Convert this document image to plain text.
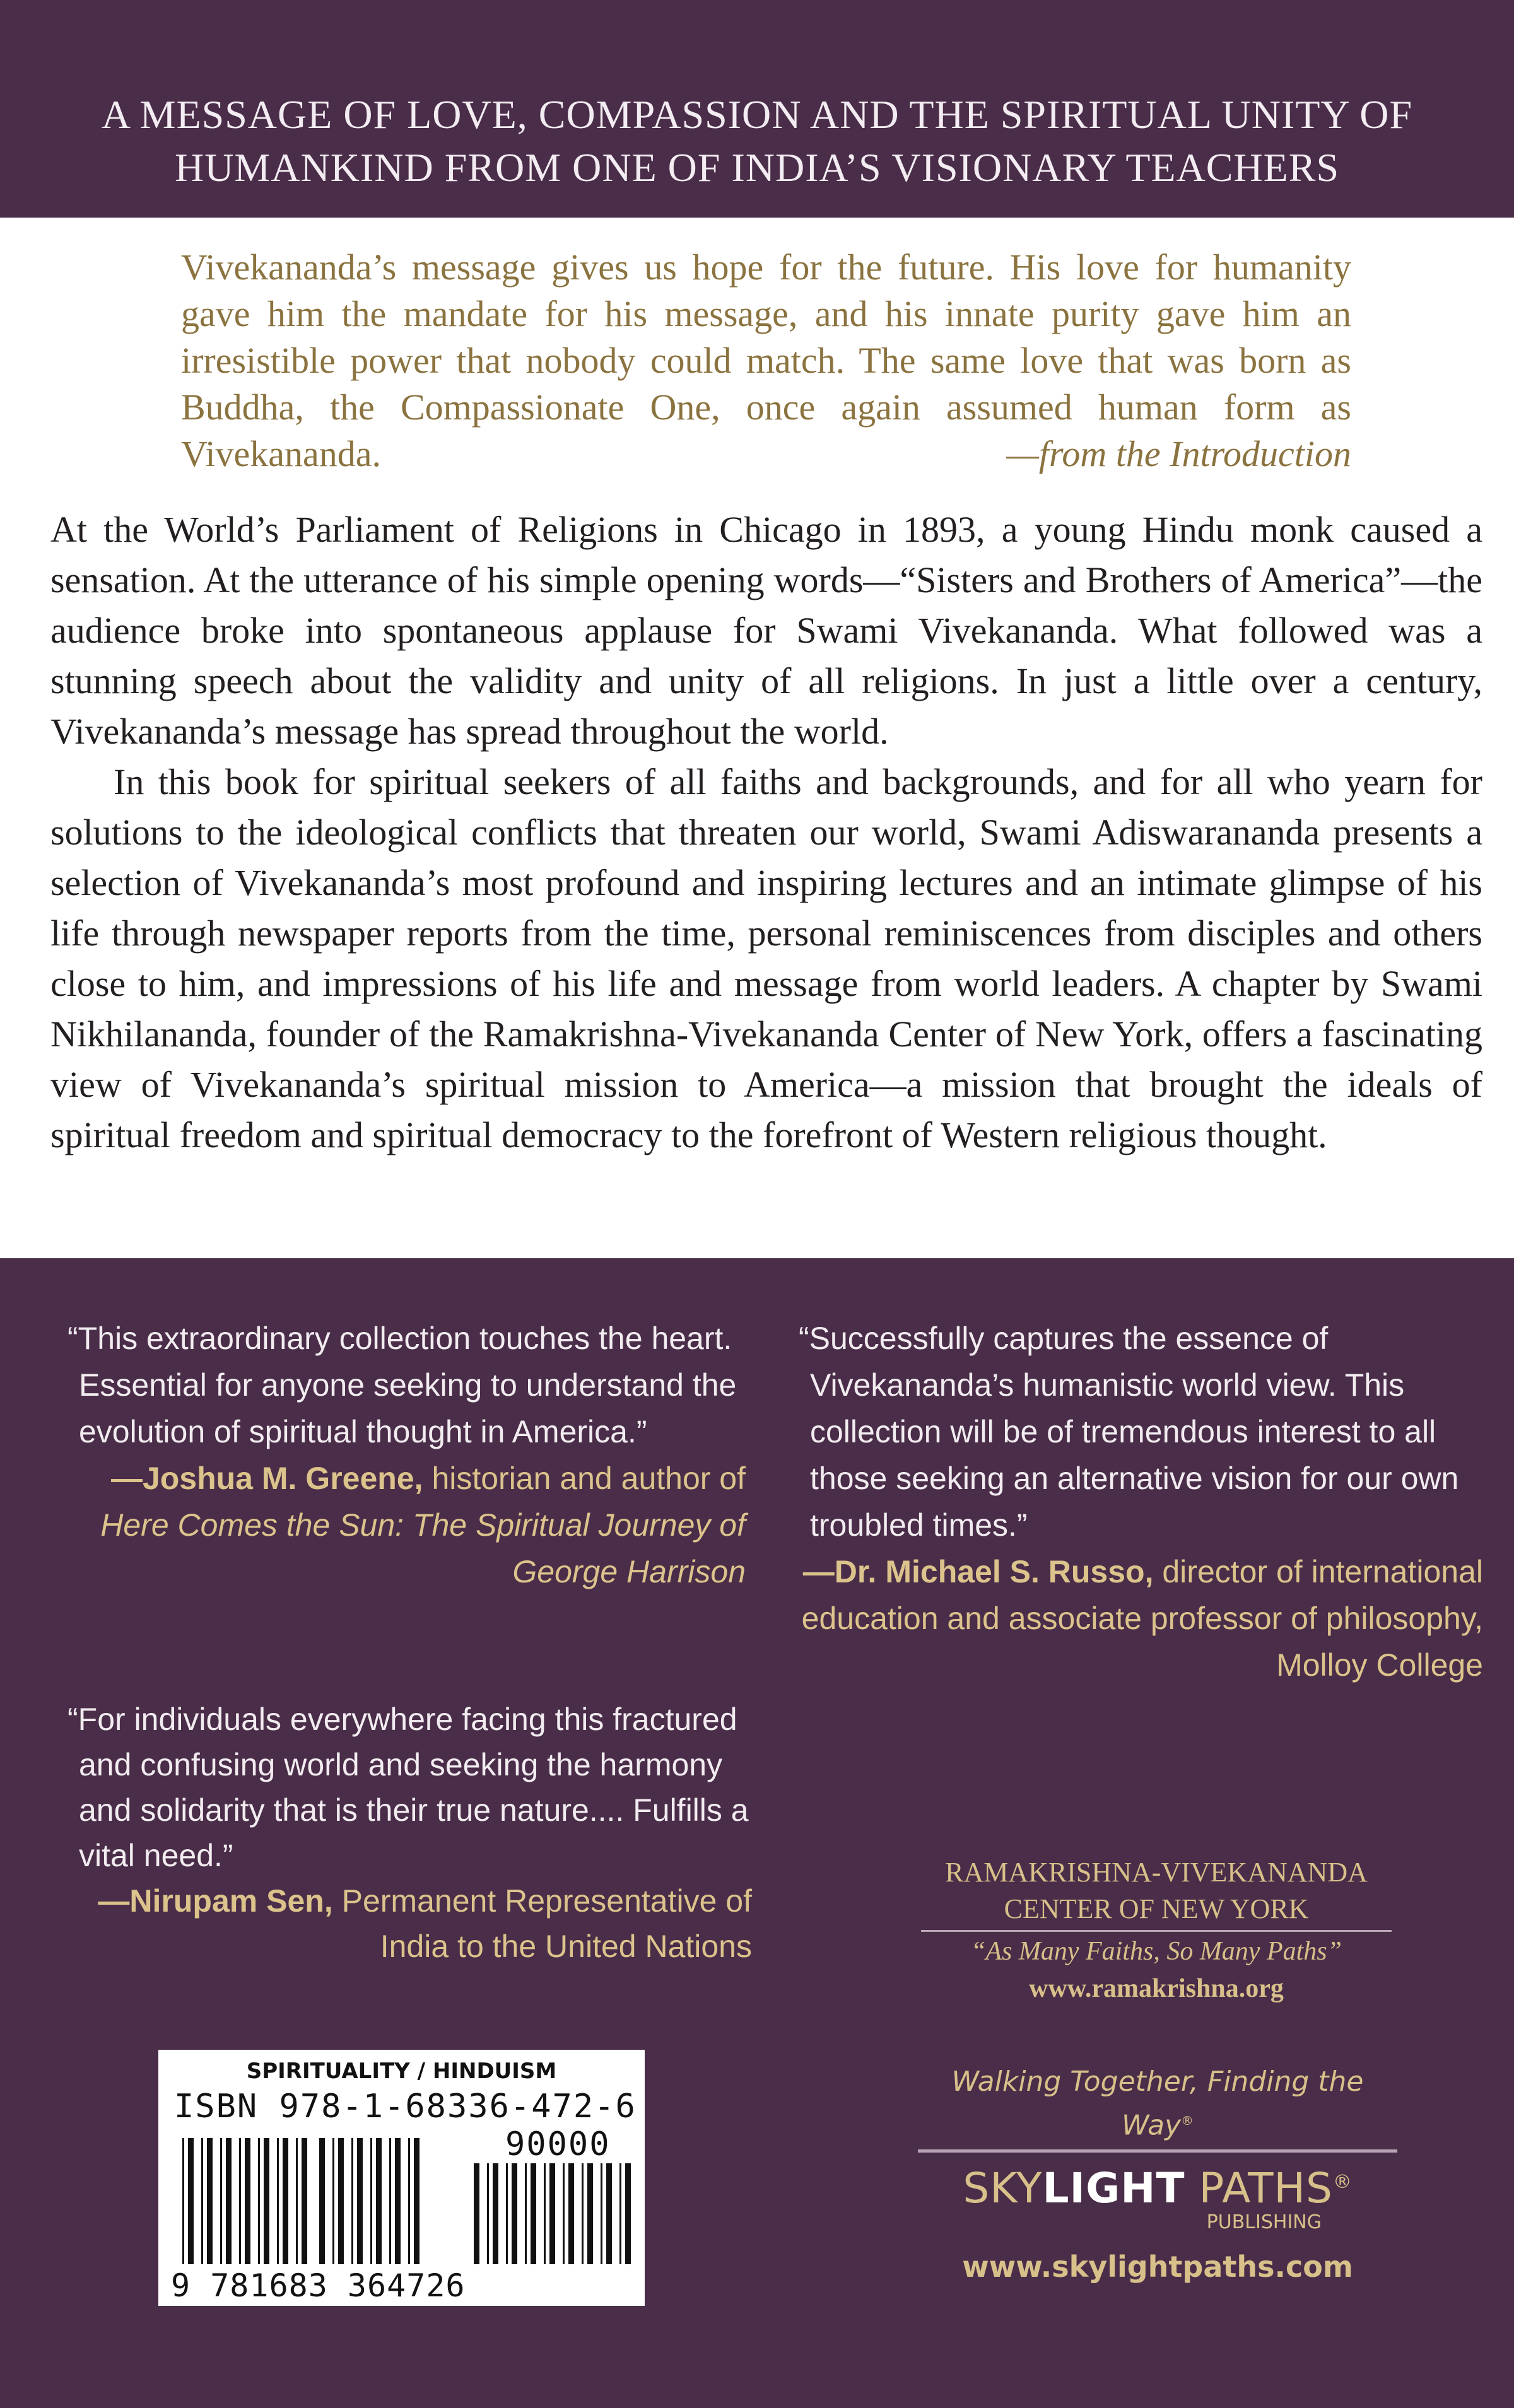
A MESSAGE OF LOVE, COMPASSION AND THE SPIRITUAL UNITY OF
HUMANKIND FROM ONE OF INDIA’S VISIONARY TEACHERS

Vivekananda’s message gives us hope for the future. His love for humanity gave him the mandate for his message, and his innate purity gave him an irresistible power that nobody could match. The same love that was born as Buddha, the Compassionate One, once again assumed human form as Vivekananda.	—from the Introduction

At the World’s Parliament of Religions in Chicago in 1893, a young Hindu monk caused a sensation. At the utterance of his simple opening words—“Sisters and Brothers of America”—the audience broke into spontaneous applause for Swami Vivekananda. What followed was a stunning speech about the validity and unity of all religions. In just a little over a century, Vivekananda’s message has spread throughout the world.

In this book for spiritual seekers of all faiths and backgrounds, and for all who yearn for solutions to the ideological conflicts that threaten our world, Swami Adiswarananda presents a selection of Vivekananda’s most profound and inspiring lectures and an intimate glimpse of his life through newspaper reports from the time, personal reminiscences from disciples and others close to him, and impressions of his life and message from world leaders. A chapter by Swami Nikhilananda, founder of the Ramakrishna-Vivekananda Center of New York, offers a fascinating view of Vivekananda’s spiritual mission to America—a mission that brought the ideals of spiritual freedom and spiritual democracy to the forefront of Western religious thought.

“This extraordinary collection touches the heart. Essential for anyone seeking to understand the evolution of spiritual thought in America.”
—Joshua M. Greene, historian and author of Here Comes the Sun: The Spiritual Journey of George Harrison
“Successfully captures the essence of Vivekananda’s humanistic world view. This collection will be of tremendous interest to all those seeking an alternative vision for our own troubled times.”
—Dr. Michael S. Russo, director of international education and associate professor of philosophy, Molloy College
“For individuals everywhere facing this fractured and confusing world and seeking the harmony and solidarity that is their true nature.... Fulfills a vital need.”
—Nirupam Sen, Permanent Representative of India to the United Nations
RAMAKRISHNA-VIVEKANANDA
CENTER OF NEW YORK
“As Many Faiths, So Many Paths”
www.ramakrishna.org
SPIRITUALITY / HINDUISM
ISBN 978-1-68336-472-6
90000
9 781683 364726
Walking Together, Finding the Way®
SKYLIGHT PATHS®
PUBLISHING
www.skylightpaths.com
